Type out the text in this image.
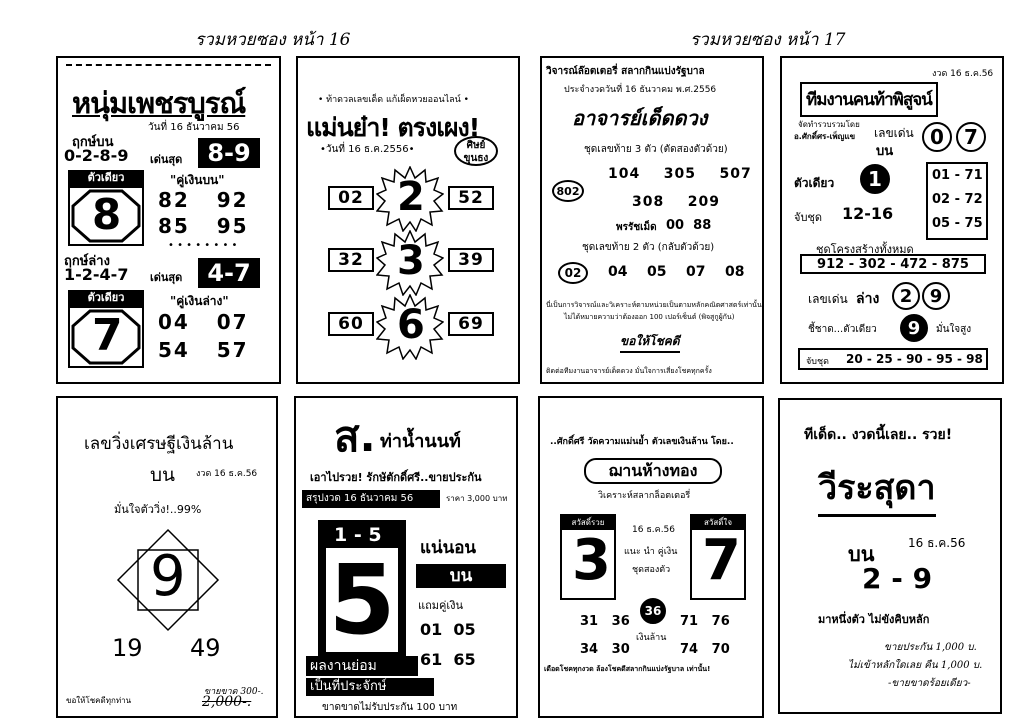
รวมหวยซอง หน้า 16	รวมหวยซอง หน้า 17
หนุ่มเพชรบูรณ์
วันที่ 16 ธันวาคม 56
ฤกษ์บน
0-2-8-9 เด่นสุด	8-9
ตัวเดียว
8
"คู่เงินบน"
82 92
85 95
• • • • • • • •
ฤกษ์ล่าง
1-2-4-7 เด่นสุด	4-7
ตัวเดียว
7
"คู่เงินล่าง"
04 07
54 57
• ท้าดวลเลขเด็ด แก้เผ็ดหวยออนไลน์ •
แม่นย๋า! ตรงเผง!
•วันที่ 16 ธ.ค.2556•	ศิษย์
ขุนธง
02	52
32	39
60	69
2
3
6
วิจารณ์ล๊อตเตอรี่ สลากกินแบ่งรัฐบาล
ประจำงวดวันที่ 16 ธันวาคม พ.ศ.2556
อาจารย์เด็ดดวง
ชุดเลขท้าย 3 ตัว (ตัดสองตัวด้วย)
802
104 305 507
308 209
พรรัชเม็ด 00 88
ชุดเลขท้าย 2 ตัว (กลับตัวด้วย)
02	04 05 07 08
นี่เป็นการวิจารณ์และวิเคราะห์ตามหน่วยเป็นตามหลักคณิตศาสตร์เท่านั้น
ไม่ได้หมายความว่าต้องออก 100 เปอร์เซ็นต์ (พิจสูกูผู้กัน)
ขอให้โชคดี
ติดต่อทีมงานอาจารย์เด็ดดวง มั่นใจการเสี่ยงโชคทุกครั้ง
งวด 16 ธ.ค.56
ทีมงานคนท้าพิสูจน์
จัดทำรวบรวมโดย
อ.ศักดิ์ศร-เพ็ญแข เลขเด่น
บน
0	7
ตัวเดียว	1
จับชุด 12-16
01 - 71
02 - 72
05 - 75
ชุดโครงสร้างทั้งหมด
912 - 302 - 472 - 875
เลขเด่น ล่าง	2 9
ชี้ชาด...ตัวเดียว	9	มั่นใจสูง
จับชุด 20 - 25 - 90 - 95 - 98
เลขวิ่งเศรษฐีเงินล้าน
บน งวด 16 ธ.ค.56
มั่นใจตัววิ่ง!..99%
9
19 49
ขายขาด 300-.
ขอให้โชคดีทุกท่าน	2,000-.
ส. ท่าน้ำนนท์
เอาไปรวย! รักษัตักดิ์ศรี..ขายประกัน
สรุปงวด 16 ธันวาคม 56	ราคา 3,000 บาท
1 - 5
5 แน่นอน
บน
แถมคู่เงิน
01 05
ผลงานย่อม	61 65
เป็นที่ประจักษ์
ขาดขาดไม่รับประกัน 100 บาท
..ศักดิ์ศรี วัดความแม่นย้ำ ตัวเลขเงินล้าน โดย..
ฌานห้างทอง
วิเคราะห์สลากล็อตเตอรี่
สวัสดิ์รวย
3
สวัสดิ์ใจ
7
16 ธ.ค.56
แนะ นำ คู่เงิน
ชุดสองตัว
36
31 36	71 76
เงินล้าน
34 30	74 70
เดือดโชคทุกงวด ล้องโชคดีสลากกินแบ่งรัฐบาล เท่านั้น!
ทีเด็ด.. งวดนี้เลย.. รวย!
วีระสุดา
บน	16 ธ.ค.56
2 - 9
มาหนึ่งตัว ไม่ขังคิบหลัก
ขายประกัน 1,000 บ.
ไม่เข้าหลักใดเลย คืน 1,000 บ.
-ขายขาดร้อยเดียว-
